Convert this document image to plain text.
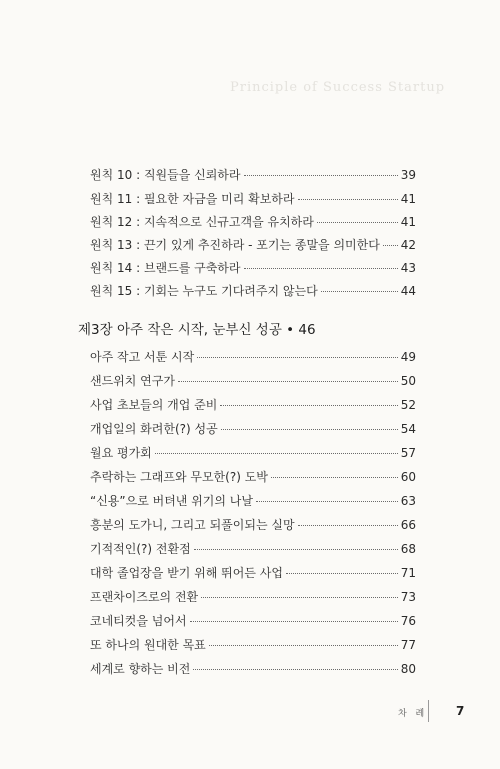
Principle of Success Startup
원칙 10 : 직원들을 신뢰하라	39
원칙 11 : 필요한 자금을 미리 확보하라	41
원칙 12 : 지속적으로 신규고객을 유치하라	41
원칙 13 : 끈기 있게 추진하라 - 포기는 종말을 의미한다 42
원칙 14 : 브랜드를 구축하라	43
원칙 15 : 기회는 누구도 기다려주지 않는다	44
제3장 아주 작은 시작, 눈부신 성공 • 46
아주 작고 서툰 시작	49
샌드위치 연구가	50
사업 초보들의 개업 준비	52
개업일의 화려한(?) 성공	54
월요 평가회	57
추락하는 그래프와 무모한(?) 도박	60
“신용”으로 버텨낸 위기의 나날	63
흥분의 도가니, 그리고 되풀이되는 실망	66
기적적인(?) 전환점	68
대학 졸업장을 받기 위해 뛰어든 사업	71
프랜차이즈로의 전환	73
코네티컷을 넘어서	76
또 하나의 원대한 목표	77
세계로 향하는 비전	80
차 례 7
